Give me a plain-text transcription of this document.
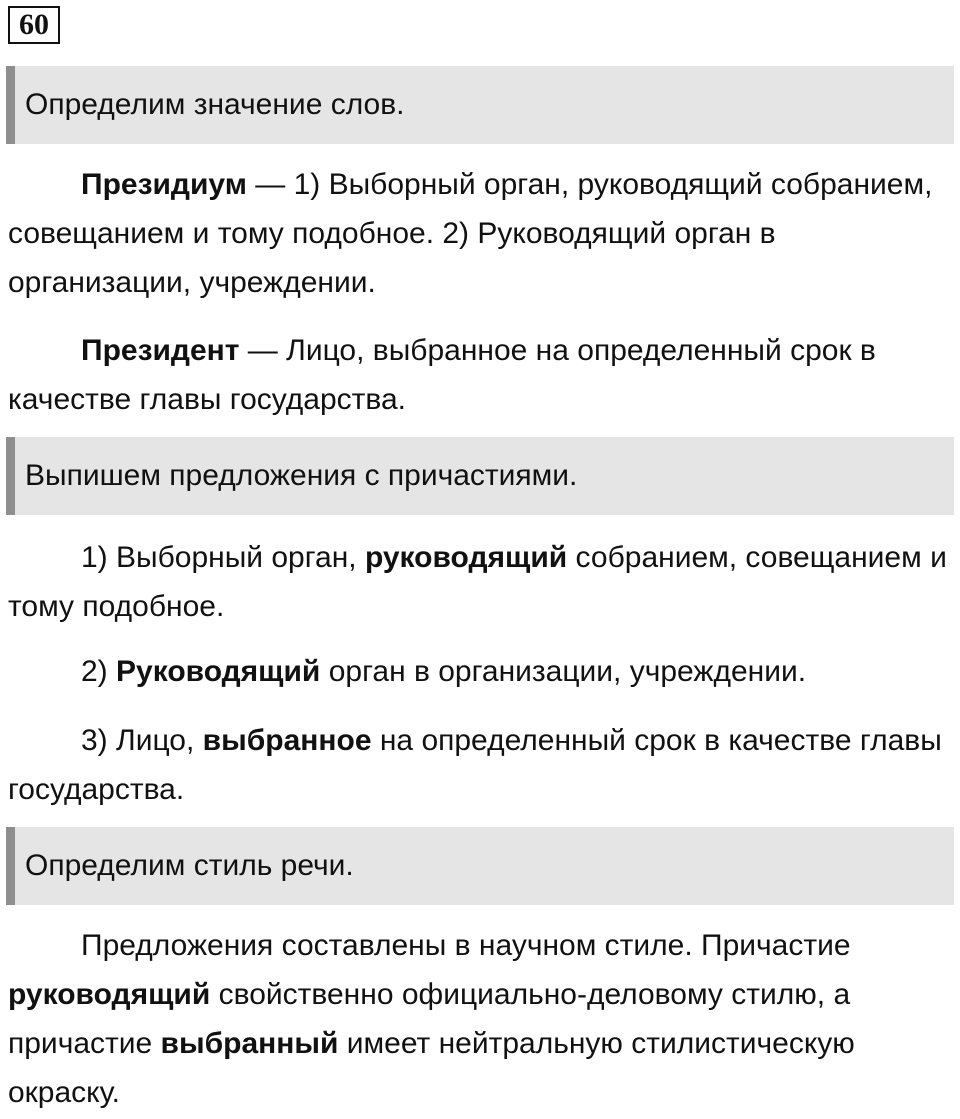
60
Определим значение слов.

Президиум — 1) Выборный орган, руководящий собранием, совещанием и тому подобное. 2) Руководящий орган в организации, учреждении.

Президент — Лицо, выбранное на определенный срок в качестве главы государства.

Выпишем предложения с причастиями.

1) Выборный орган, руководящий собранием, совещанием и тому подобное.

2) Руководящий орган в организации, учреждении.

3) Лицо, выбранное на определенный срок в качестве главы государства.

Определим стиль речи.

Предложения составлены в научном стиле. Причастие руководящий свойственно официально-деловому стилю, а причастие выбранный имеет нейтральную стилистическую окраску.
